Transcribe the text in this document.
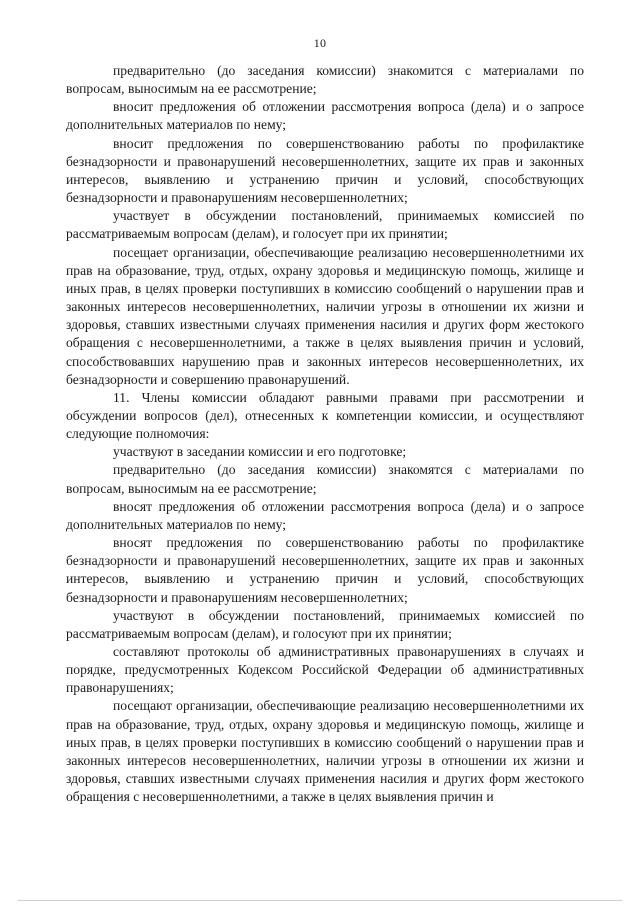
10

предварительно (до заседания комиссии) знакомится с материалами по вопросам, выносимым на ее рассмотрение;

вносит предложения об отложении рассмотрения вопроса (дела) и о запросе дополнительных материалов по нему;

вносит предложения по совершенствованию работы по профилактике безнадзорности и правонарушений несовершеннолетних, защите их прав и законных интересов, выявлению и устранению причин и условий, способствующих безнадзорности и правонарушениям несовершеннолетних;

участвует в обсуждении постановлений, принимаемых комиссией по рассматриваемым вопросам (делам), и голосует при их принятии;

посещает организации, обеспечивающие реализацию несовершеннолетними их прав на образование, труд, отдых, охрану здоровья и медицинскую помощь, жилище и иных прав, в целях проверки поступивших в комиссию сообщений о нарушении прав и законных интересов несовершеннолетних, наличии угрозы в отношении их жизни и здоровья, ставших известными случаях применения насилия и других форм жестокого обращения с несовершеннолетними, а также в целях выявления причин и условий, способствовавших нарушению прав и законных интересов несовершеннолетних, их безнадзорности и совершению правонарушений.

11. Члены комиссии обладают равными правами при рассмотрении и обсуждении вопросов (дел), отнесенных к компетенции комиссии, и осуществляют следующие полномочия:

участвуют в заседании комиссии и его подготовке;

предварительно (до заседания комиссии) знакомятся с материалами по вопросам, выносимым на ее рассмотрение;

вносят предложения об отложении рассмотрения вопроса (дела) и о запросе дополнительных материалов по нему;

вносят предложения по совершенствованию работы по профилактике безнадзорности и правонарушений несовершеннолетних, защите их прав и законных интересов, выявлению и устранению причин и условий, способствующих безнадзорности и правонарушениям несовершеннолетних;

участвуют в обсуждении постановлений, принимаемых комиссией по рассматриваемым вопросам (делам), и голосуют при их принятии;

составляют протоколы об административных правонарушениях в случаях и порядке, предусмотренных Кодексом Российской Федерации об административных правонарушениях;

посещают организации, обеспечивающие реализацию несовершеннолетними их прав на образование, труд, отдых, охрану здоровья и медицинскую помощь, жилище и иных прав, в целях проверки поступивших в комиссию сообщений о нарушении прав и законных интересов несовершеннолетних, наличии угрозы в отношении их жизни и здоровья, ставших известными случаях применения насилия и других форм жестокого обращения с несовершеннолетними, а также в целях выявления причин и
